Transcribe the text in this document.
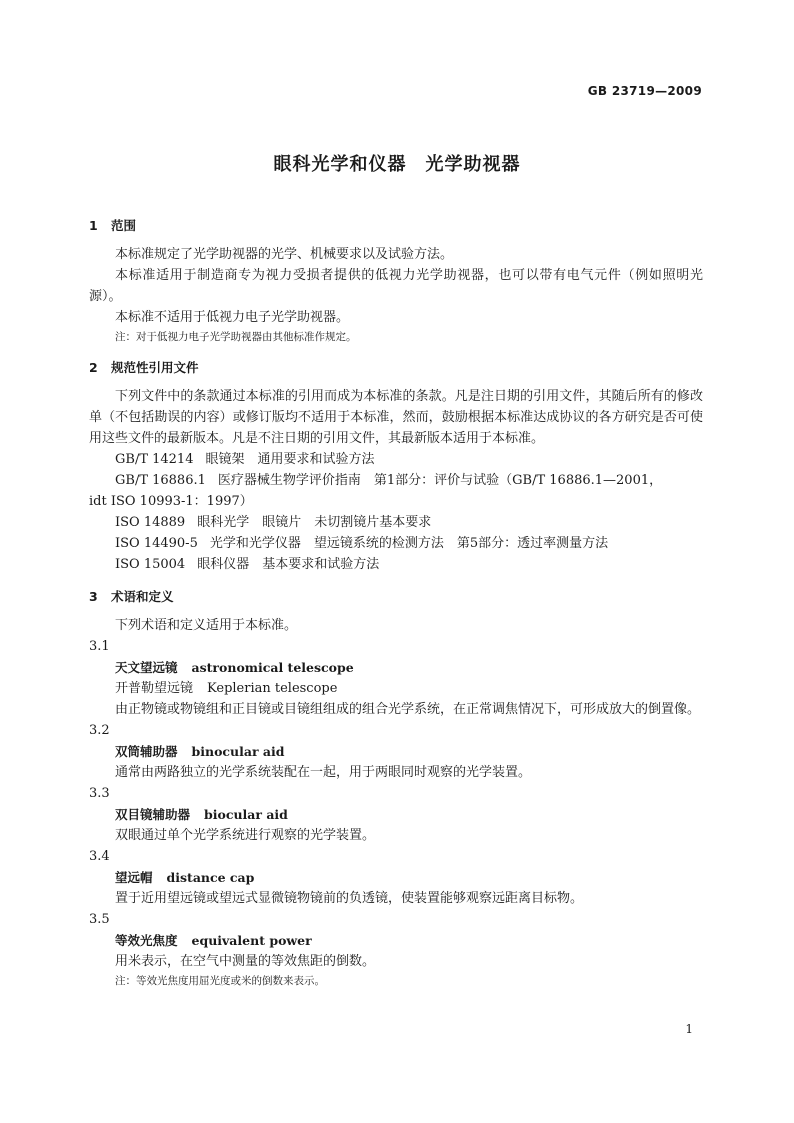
GB 23719—2009
眼科光学和仪器　光学助视器

1 范围

本标准规定了光学助视器的光学、机械要求以及试验方法。

本标准适用于制造商专为视力受损者提供的低视力光学助视器，也可以带有电气元件（例如照明光源）。

本标准不适用于低视力电子光学助视器。

注：对于低视力电子光学助视器由其他标准作规定。

2 规范性引用文件

下列文件中的条款通过本标准的引用而成为本标准的条款。凡是注日期的引用文件，其随后所有的修改单（不包括勘误的内容）或修订版均不适用于本标准，然而，鼓励根据本标准达成协议的各方研究是否可使用这些文件的最新版本。凡是不注日期的引用文件，其最新版本适用于本标准。

GB/T 14214 眼镜架　通用要求和试验方法

GB/T 16886.1 医疗器械生物学评价指南　第1部分：评价与试验（GB/T 16886.1—2001，

idt ISO 10993-1：1997）

ISO 14889 眼科光学　眼镜片　未切割镜片基本要求

ISO 14490-5 光学和光学仪器　望远镜系统的检测方法　第5部分：透过率测量方法

ISO 15004 眼科仪器　基本要求和试验方法

3 术语和定义

下列术语和定义适用于本标准。

3.1

天文望远镜 astronomical telescope

开普勒望远镜 Keplerian telescope

由正物镜或物镜组和正目镜或目镜组组成的组合光学系统，在正常调焦情况下，可形成放大的倒置像。

3.2

双筒辅助器 binocular aid

通常由两路独立的光学系统装配在一起，用于两眼同时观察的光学装置。

3.3

双目镜辅助器 biocular aid

双眼通过单个光学系统进行观察的光学装置。

3.4

望远帽 distance cap

置于近用望远镜或望远式显微镜物镜前的负透镜，使装置能够观察远距离目标物。

3.5

等效光焦度 equivalent power

用米表示，在空气中测量的等效焦距的倒数。

注：等效光焦度用屈光度或米的倒数来表示。

1
